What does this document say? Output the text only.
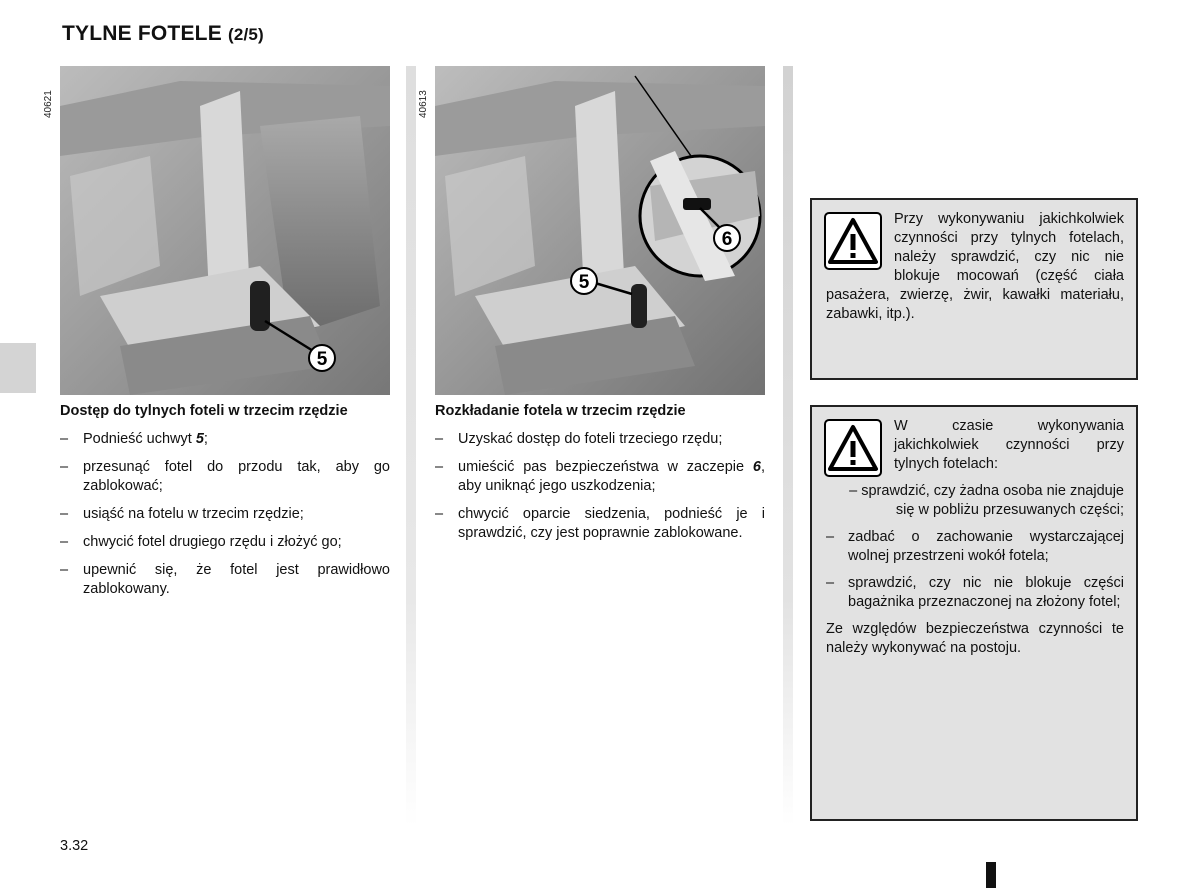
TYLNE FOTELE (2/5)
5
40621
5
6
40613
Dostęp do tylnych foteli w trzecim rzędzie
– Podnieść uchwyt 5;
– przesunąć fotel do przodu tak, aby go zablokować;
– usiąść na fotelu w trzecim rzędzie;
– chwycić fotel drugiego rzędu i złożyć go;
– upewnić się, że fotel jest prawidłowo zablokowany.
Rozkładanie fotela w trzecim rzędzie
– Uzyskać dostęp do foteli trzeciego rzędu;
– umieścić pas bezpieczeństwa w zaczepie 6, aby uniknąć jego uszkodzenia;
– chwycić oparcie siedzenia, podnieść je i sprawdzić, czy jest poprawnie zablokowane.
Przy wykonywaniu jakichkolwiek czynności przy tylnych fotelach, należy sprawdzić, czy nic nie blokuje mocowań (część ciała pasażera, zwierzę, żwir, kawałki materiału, zabawki, itp.).

W czasie wykonywania jakichkolwiek czynności przy tylnych fotelach:

– sprawdzić, czy żadna osoba nie znajduje się w pobliżu przesuwanych części;
– zadbać o zachowanie wystarczającej wolnej przestrzeni wokół fotela;
– sprawdzić, czy nic nie blokuje części bagażnika przeznaczonej na złożony fotel;

Ze względów bezpieczeństwa czynności te należy wykonywać na postoju.

3.32
